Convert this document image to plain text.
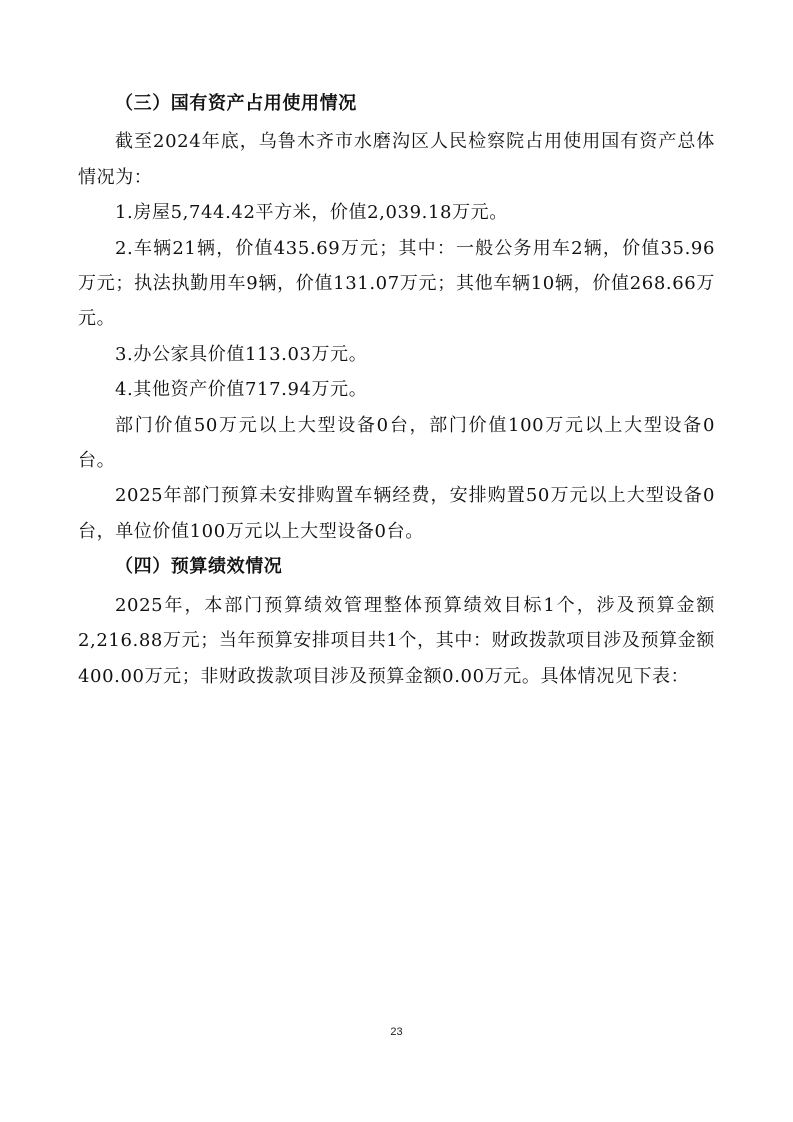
（三）国有资产占用使用情况

截至2024年底，乌鲁木齐市水磨沟区人民检察院占用使用国有资产总体情况为：

1.房屋5,744.42平方米，价值2,039.18万元。

2.车辆21辆，价值435.69万元；其中：一般公务用车2辆，价值35.96万元；执法执勤用车9辆，价值131.07万元；其他车辆10辆，价值268.66万元。

3.办公家具价值113.03万元。

4.其他资产价值717.94万元。

部门价值50万元以上大型设备0台，部门价值100万元以上大型设备0台。

2025年部门预算未安排购置车辆经费，安排购置50万元以上大型设备0台，单位价值100万元以上大型设备0台。

（四）预算绩效情况

2025年，本部门预算绩效管理整体预算绩效目标1个，涉及预算金额2,216.88万元；当年预算安排项目共1个，其中：财政拨款项目涉及预算金额400.00万元；非财政拨款项目涉及预算金额0.00万元。具体情况见下表：

23
